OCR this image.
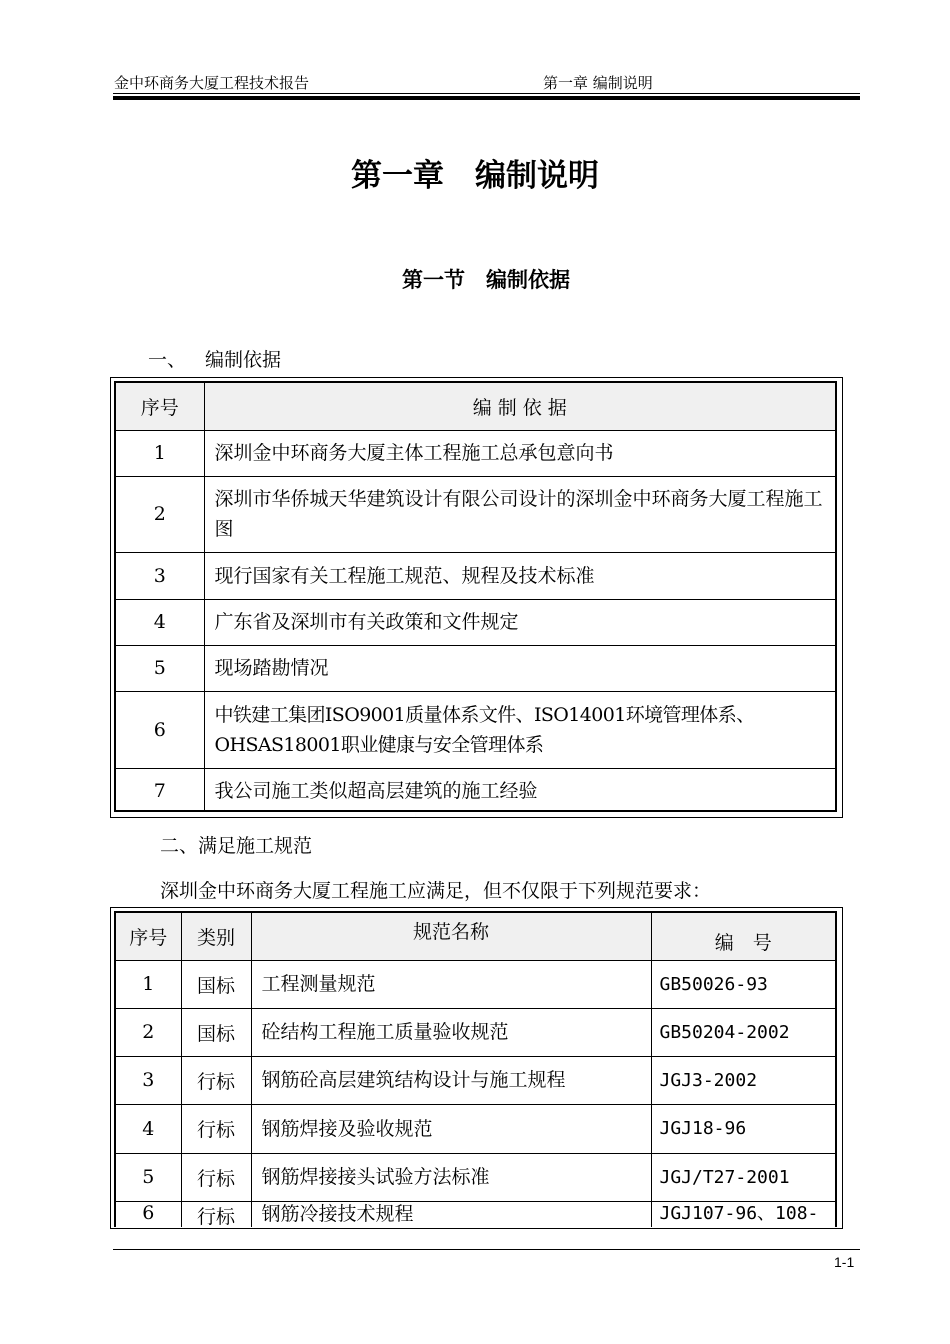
金中环商务大厦工程技术报告	第一章 编制说明
第一章　编制说明
第一节　编制依据
一、 编制依据
序号	编 制 依 据
1	深圳金中环商务大厦主体工程施工总承包意向书
2	深圳市华侨城天华建筑设计有限公司设计的深圳金中环商务大厦工程施工图
3	现行国家有关工程施工规范、规程及技术标准
4	广东省及深圳市有关政策和文件规定
5	现场踏勘情况
6	中铁建工集团ISO9001质量体系文件、ISO14001环境管理体系、OHSAS18001职业健康与安全管理体系
7	我公司施工类似超高层建筑的施工经验
二、满足施工规范
深圳金中环商务大厦工程施工应满足，但不仅限于下列规范要求：
序号	类别	规范名称	编　号
1	国标	工程测量规范	GB50026-93
2	国标	砼结构工程施工质量验收规范	GB50204-2002
3	行标	钢筋砼高层建筑结构设计与施工规程	JGJ3-2002
4	行标	钢筋焊接及验收规范	JGJ18-96
5	行标	钢筋焊接接头试验方法标准	JGJ/T27-2001
6	行标	钢筋冷接技术规程	JGJ107-96、108-
1-1
